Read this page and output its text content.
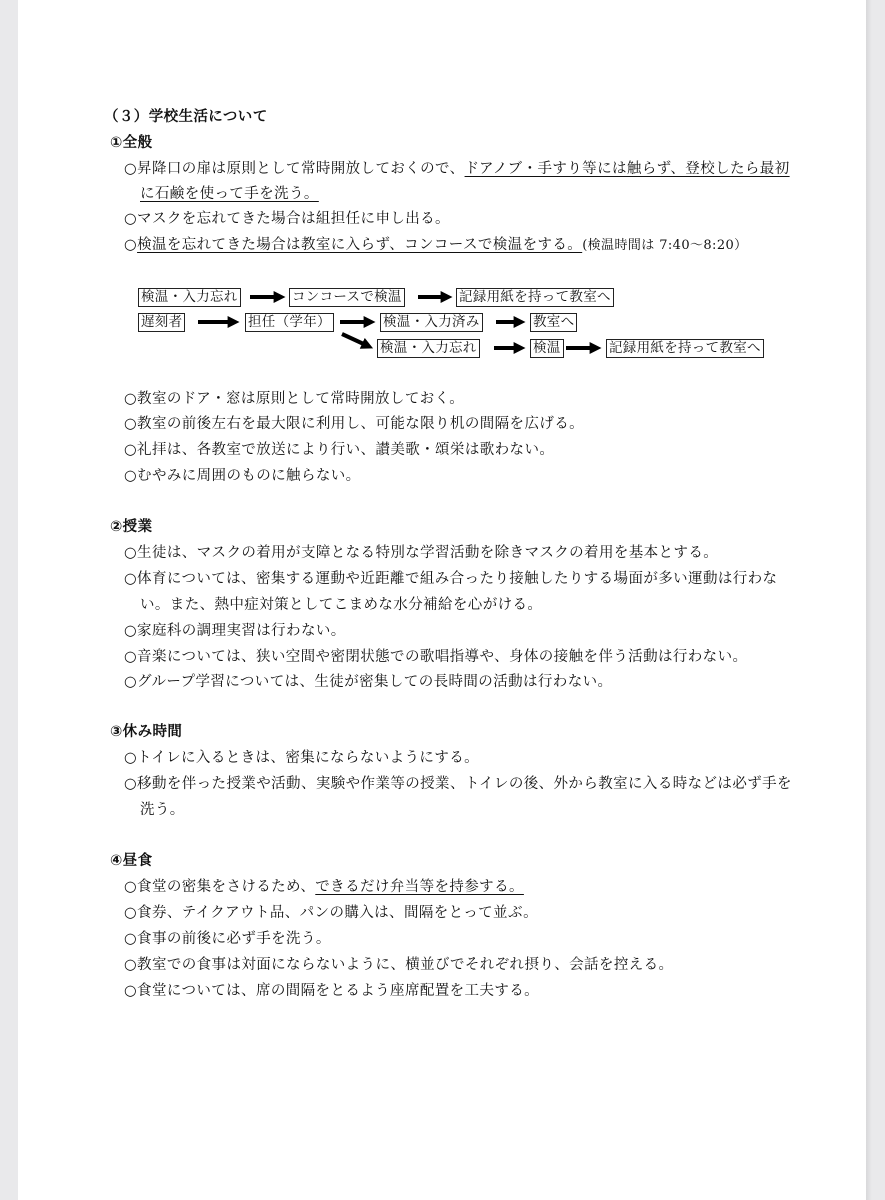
（３）学校生活について
①全般
○昇降口の扉は原則として常時開放しておくので、ドアノブ・手すり等には触らず、登校したら最初
に石鹸を使って手を洗う。
○マスクを忘れてきた場合は組担任に申し出る。
○検温を忘れてきた場合は教室に入らず、コンコースで検温をする。(検温時間は 7:40～8:20）
検温・入力忘れ	コンコースで検温	記録用紙を持って教室へ
遅刻者	担任（学年）	検温・入力済み	教室へ
検温・入力忘れ	検温	記録用紙を持って教室へ
○教室のドア・窓は原則として常時開放しておく。
○教室の前後左右を最大限に利用し、可能な限り机の間隔を広げる。
○礼拝は、各教室で放送により行い、讃美歌・頌栄は歌わない。
○むやみに周囲のものに触らない。
②授業
○生徒は、マスクの着用が支障となる特別な学習活動を除きマスクの着用を基本とする。
○体育については、密集する運動や近距離で組み合ったり接触したりする場面が多い運動は行わな
い。また、熱中症対策としてこまめな水分補給を心がける。
○家庭科の調理実習は行わない。
○音楽については、狭い空間や密閉状態での歌唱指導や、身体の接触を伴う活動は行わない。
○グループ学習については、生徒が密集しての長時間の活動は行わない。
③休み時間
○トイレに入るときは、密集にならないようにする。
○移動を伴った授業や活動、実験や作業等の授業、トイレの後、外から教室に入る時などは必ず手を
洗う。
④昼食
○食堂の密集をさけるため、できるだけ弁当等を持参する。
○食券、テイクアウト品、パンの購入は、間隔をとって並ぶ。
○食事の前後に必ず手を洗う。
○教室での食事は対面にならないように、横並びでそれぞれ摂り、会話を控える。
○食堂については、席の間隔をとるよう座席配置を工夫する。
